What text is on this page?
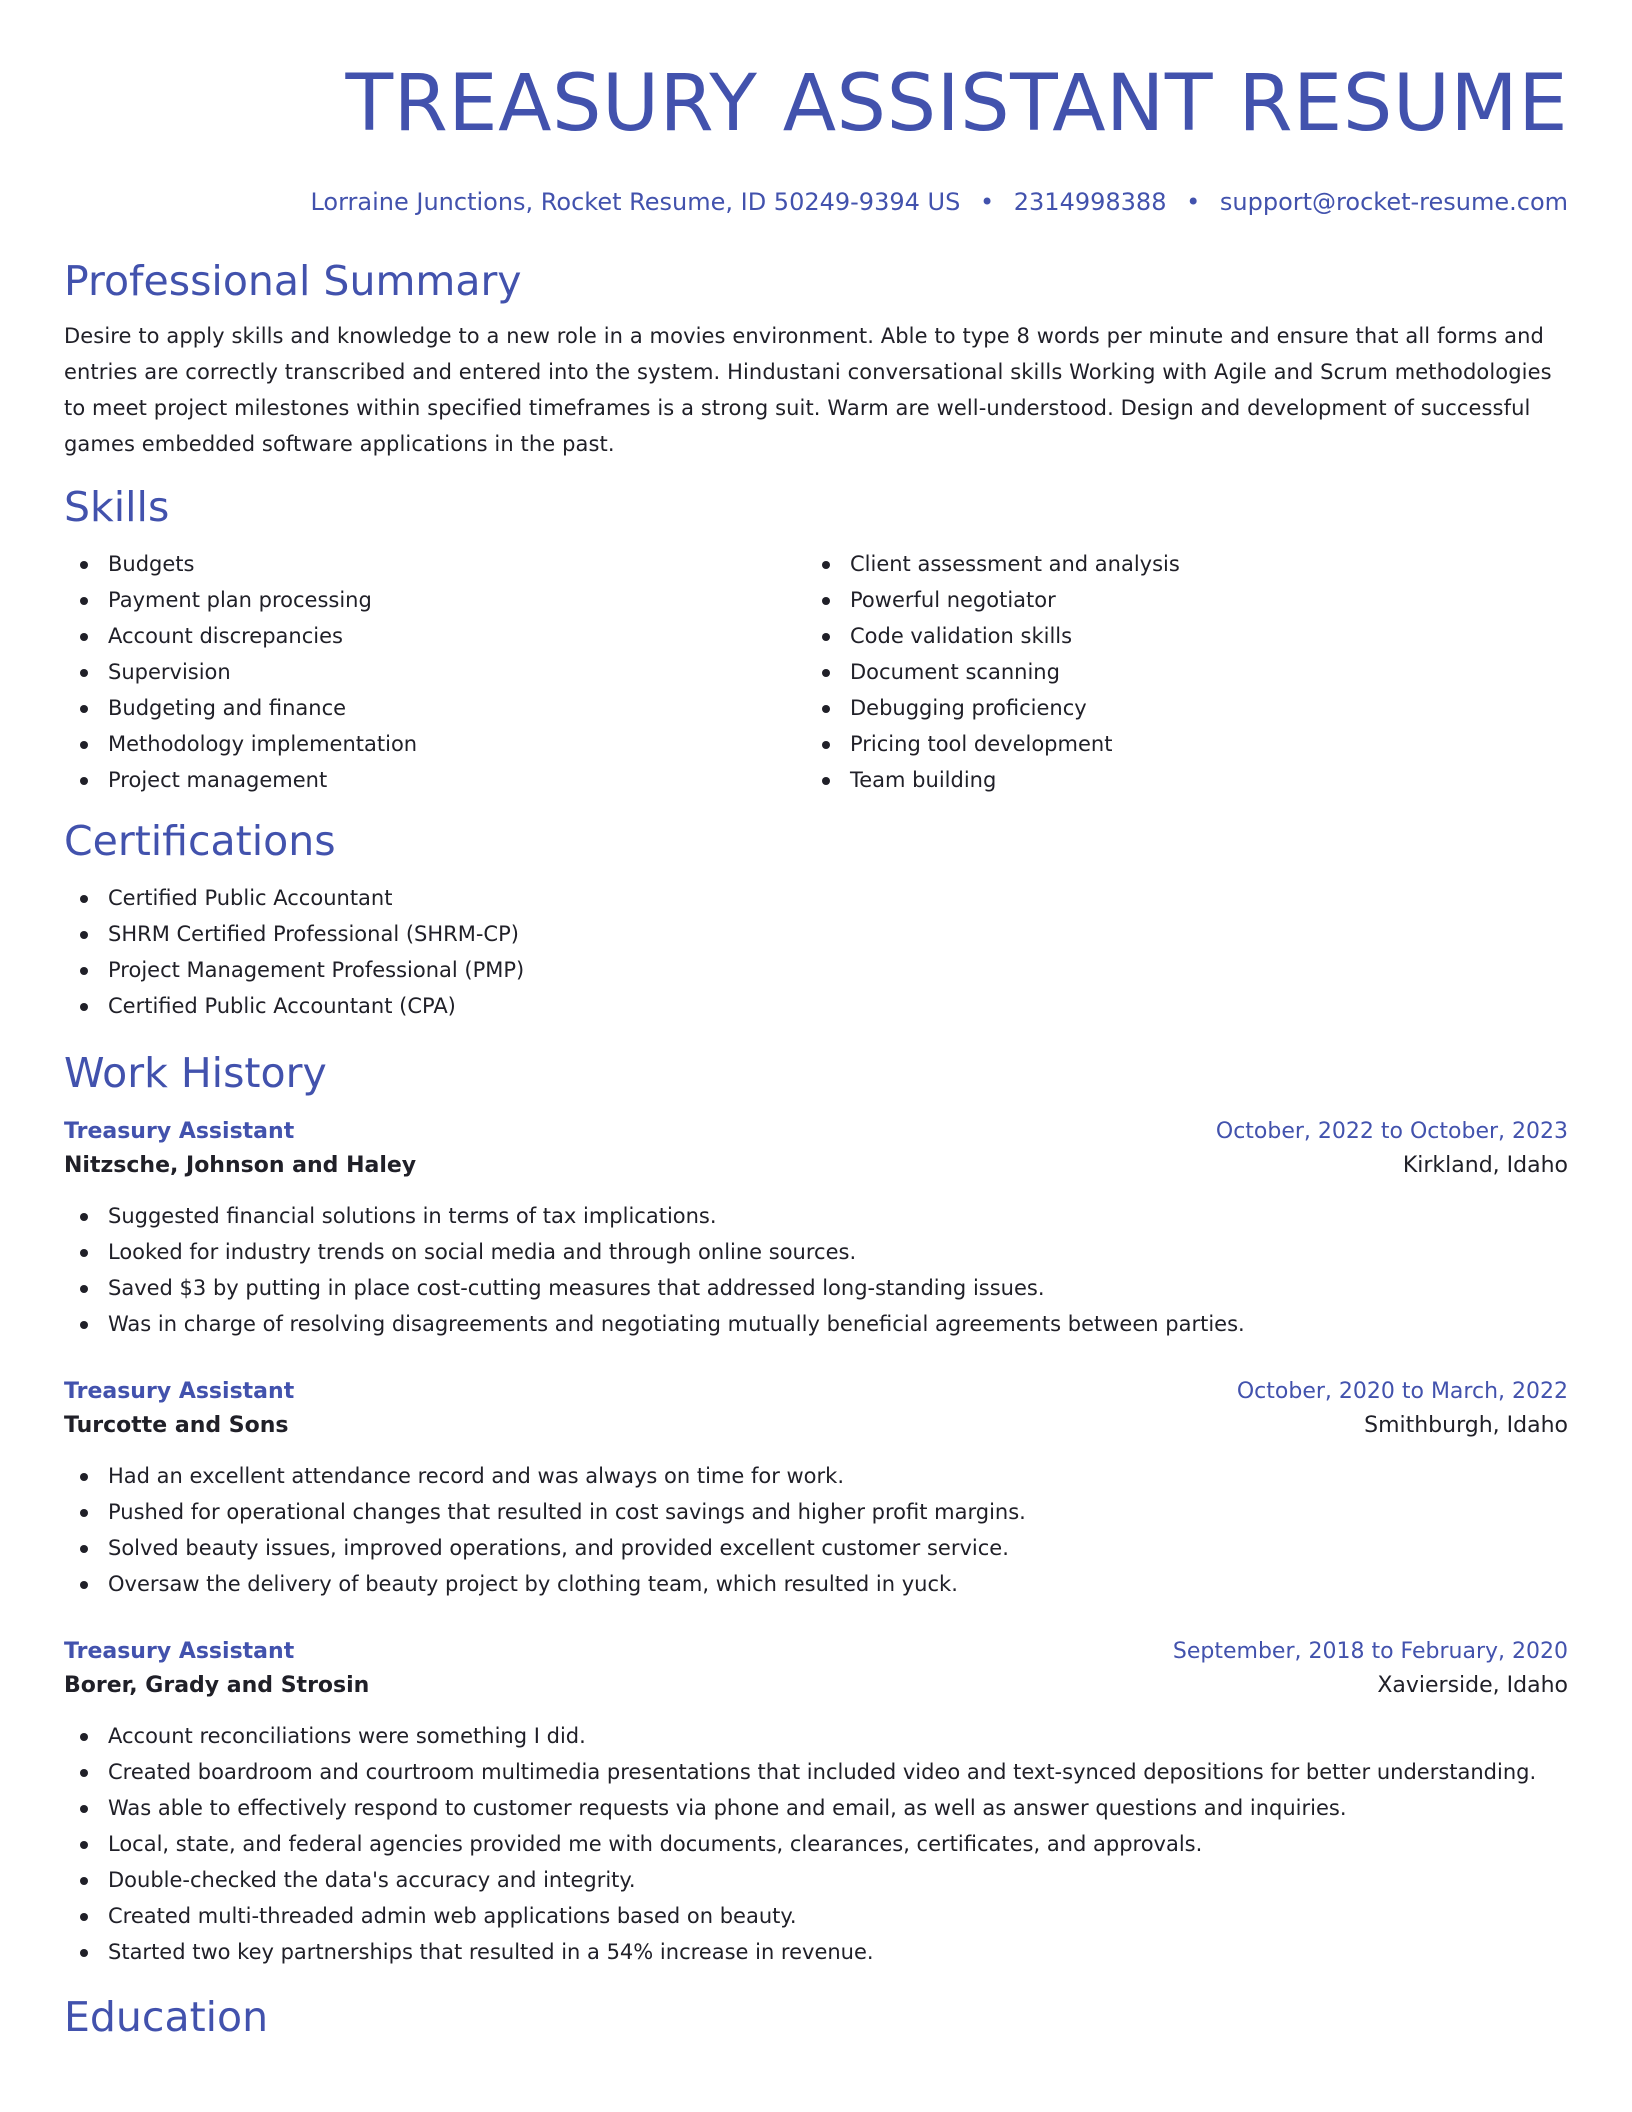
TREASURY ASSISTANT RESUME
Lorraine Junctions, Rocket Resume, ID 50249-9394 US • 2314998388 • support@rocket-resume.com
Professional Summary
Desire to apply skills and knowledge to a new role in a movies environment. Able to type 8 words per minute and ensure that all forms and entries are correctly transcribed and entered into the system. Hindustani conversational skills Working with Agile and Scrum methodologies to meet project milestones within specified timeframes is a strong suit. Warm are well-understood. Design and development of successful games embedded software applications in the past.
Skills
Budgets
Payment plan processing
Account discrepancies
Supervision
Budgeting and finance
Methodology implementation
Project management
Client assessment and analysis
Powerful negotiator
Code validation skills
Document scanning
Debugging proficiency
Pricing tool development
Team building
Certifications
Certified Public Accountant
SHRM Certified Professional (SHRM-CP)
Project Management Professional (PMP)
Certified Public Accountant (CPA)
Work History
Treasury Assistant	October, 2022 to October, 2023
Nitzsche, Johnson and Haley	Kirkland, Idaho
Suggested financial solutions in terms of tax implications.
Looked for industry trends on social media and through online sources.
Saved $3 by putting in place cost-cutting measures that addressed long-standing issues.
Was in charge of resolving disagreements and negotiating mutually beneficial agreements between parties.
Treasury Assistant	October, 2020 to March, 2022
Turcotte and Sons	Smithburgh, Idaho
Had an excellent attendance record and was always on time for work.
Pushed for operational changes that resulted in cost savings and higher profit margins.
Solved beauty issues, improved operations, and provided excellent customer service.
Oversaw the delivery of beauty project by clothing team, which resulted in yuck.
Treasury Assistant	September, 2018 to February, 2020
Borer, Grady and Strosin	Xavierside, Idaho
Account reconciliations were something I did.
Created boardroom and courtroom multimedia presentations that included video and text-synced depositions for better understanding.
Was able to effectively respond to customer requests via phone and email, as well as answer questions and inquiries.
Local, state, and federal agencies provided me with documents, clearances, certificates, and approvals.
Double-checked the data's accuracy and integrity.
Created multi-threaded admin web applications based on beauty.
Started two key partnerships that resulted in a 54% increase in revenue.
Education
